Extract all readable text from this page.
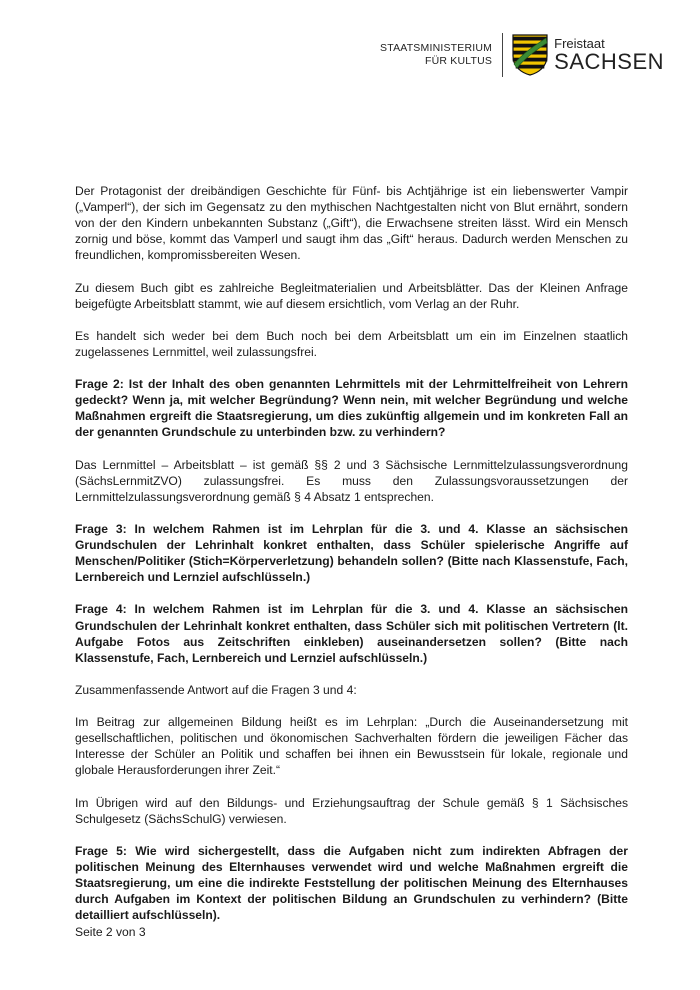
STAATSMINISTERIUM
FÜR KULTUS
Freistaat
SACHSEN

Der Protagonist der dreibändigen Geschichte für Fünf- bis Achtjährige ist ein liebenswerter Vampir („Vamperl“), der sich im Gegensatz zu den mythischen Nachtgestalten nicht von Blut ernährt, sondern von der den Kindern unbekannten Substanz („Gift“), die Erwachsene streiten lässt. Wird ein Mensch zornig und böse, kommt das Vamperl und saugt ihm das „Gift“ heraus. Dadurch werden Menschen zu freundlichen, kompromissbereiten Wesen.

Zu diesem Buch gibt es zahlreiche Begleitmaterialien und Arbeitsblätter. Das der Kleinen Anfrage beigefügte Arbeitsblatt stammt, wie auf diesem ersichtlich, vom Verlag an der Ruhr.

Es handelt sich weder bei dem Buch noch bei dem Arbeitsblatt um ein im Einzelnen staatlich zugelassenes Lernmittel, weil zulassungsfrei.

Frage 2: Ist der Inhalt des oben genannten Lehrmittels mit der Lehrmittelfreiheit von Lehrern gedeckt? Wenn ja, mit welcher Begründung? Wenn nein, mit welcher Begründung und welche Maßnahmen ergreift die Staatsregierung, um dies zukünftig allgemein und im konkreten Fall an der genannten Grundschule zu unterbinden bzw. zu verhindern?

Das Lernmittel – Arbeitsblatt – ist gemäß §§ 2 und 3 Sächsische Lernmittelzulassungsverordnung (SächsLernmitZVO) zulassungsfrei. Es muss den Zulassungsvoraussetzungen der Lernmittelzulassungsverordnung gemäß § 4 Absatz 1 entsprechen.

Frage 3: In welchem Rahmen ist im Lehrplan für die 3. und 4. Klasse an sächsischen Grundschulen der Lehrinhalt konkret enthalten, dass Schüler spielerische Angriffe auf Menschen/Politiker (Stich=Körperverletzung) behandeln sollen? (Bitte nach Klassenstufe, Fach, Lernbereich und Lernziel aufschlüsseln.)

Frage 4: In welchem Rahmen ist im Lehrplan für die 3. und 4. Klasse an sächsischen Grundschulen der Lehrinhalt konkret enthalten, dass Schüler sich mit politischen Vertretern (lt. Aufgabe Fotos aus Zeitschriften einkleben) auseinandersetzen sollen? (Bitte nach Klassenstufe, Fach, Lernbereich und Lernziel aufschlüsseln.)

Zusammenfassende Antwort auf die Fragen 3 und 4:

Im Beitrag zur allgemeinen Bildung heißt es im Lehrplan: „Durch die Auseinandersetzung mit gesellschaftlichen, politischen und ökonomischen Sachverhalten fördern die jeweiligen Fächer das Interesse der Schüler an Politik und schaffen bei ihnen ein Bewusstsein für lokale, regionale und globale Herausforderungen ihrer Zeit.“

Im Übrigen wird auf den Bildungs- und Erziehungsauftrag der Schule gemäß § 1 Sächsisches Schulgesetz (SächsSchulG) verwiesen.

Frage 5: Wie wird sichergestellt, dass die Aufgaben nicht zum indirekten Abfragen der politischen Meinung des Elternhauses verwendet wird und welche Maßnahmen ergreift die Staatsregierung, um eine die indirekte Feststellung der politischen Meinung des Elternhauses durch Aufgaben im Kontext der politischen Bildung an Grundschulen zu verhindern? (Bitte detailliert aufschlüsseln).

Seite 2 von 3
